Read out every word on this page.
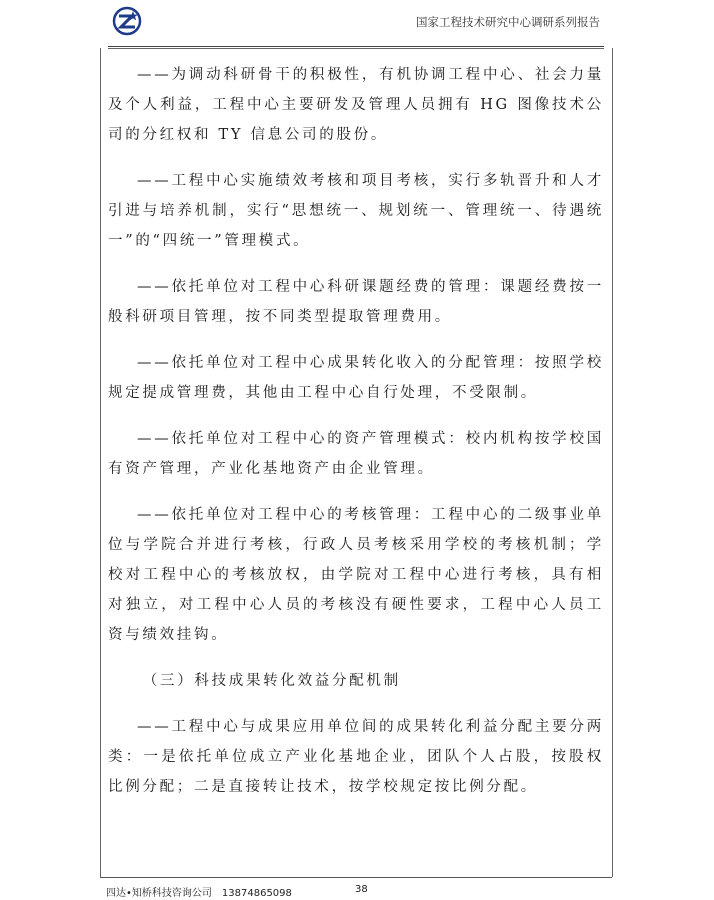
国家工程技术研究中心调研系列报告

——为调动科研骨干的积极性，有机协调工程中心、社会力量及个人利益，工程中心主要研发及管理人员拥有 HG 图像技术公司的分红权和 TY 信息公司的股份。

——工程中心实施绩效考核和项目考核，实行多轨晋升和人才引进与培养机制，实行“思想统一、规划统一、管理统一、待遇统一”的“四统一”管理模式。

——依托单位对工程中心科研课题经费的管理：课题经费按一般科研项目管理，按不同类型提取管理费用。

——依托单位对工程中心成果转化收入的分配管理：按照学校规定提成管理费，其他由工程中心自行处理，不受限制。

——依托单位对工程中心的资产管理模式：校内机构按学校国有资产管理，产业化基地资产由企业管理。

——依托单位对工程中心的考核管理：工程中心的二级事业单位与学院合并进行考核，行政人员考核采用学校的考核机制；学校对工程中心的考核放权，由学院对工程中心进行考核，具有相对独立，对工程中心人员的考核没有硬性要求，工程中心人员工资与绩效挂钩。

（三）科技成果转化效益分配机制

——工程中心与成果应用单位间的成果转化利益分配主要分两类：一是依托单位成立产业化基地企业，团队个人占股，按股权比例分配；二是直接转让技术，按学校规定按比例分配。

四达•知桥科技咨询公司 13874865098	38
